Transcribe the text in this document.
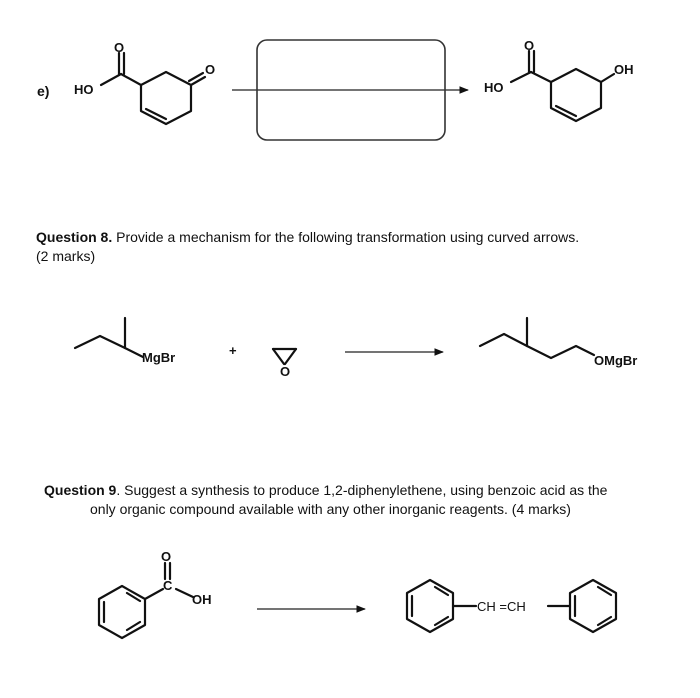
e) HO
O
O
HO
O
OH
Question 8. Provide a mechanism for the following transformation using curved arrows.
(2 marks)
MgBr	+
O
OMgBr
Question 9. Suggest a synthesis to produce 1,2-diphenylethene, using benzoic acid as the
only organic compound available with any other inorganic reagents. (4 marks)
O
C
OH	CH =CH
